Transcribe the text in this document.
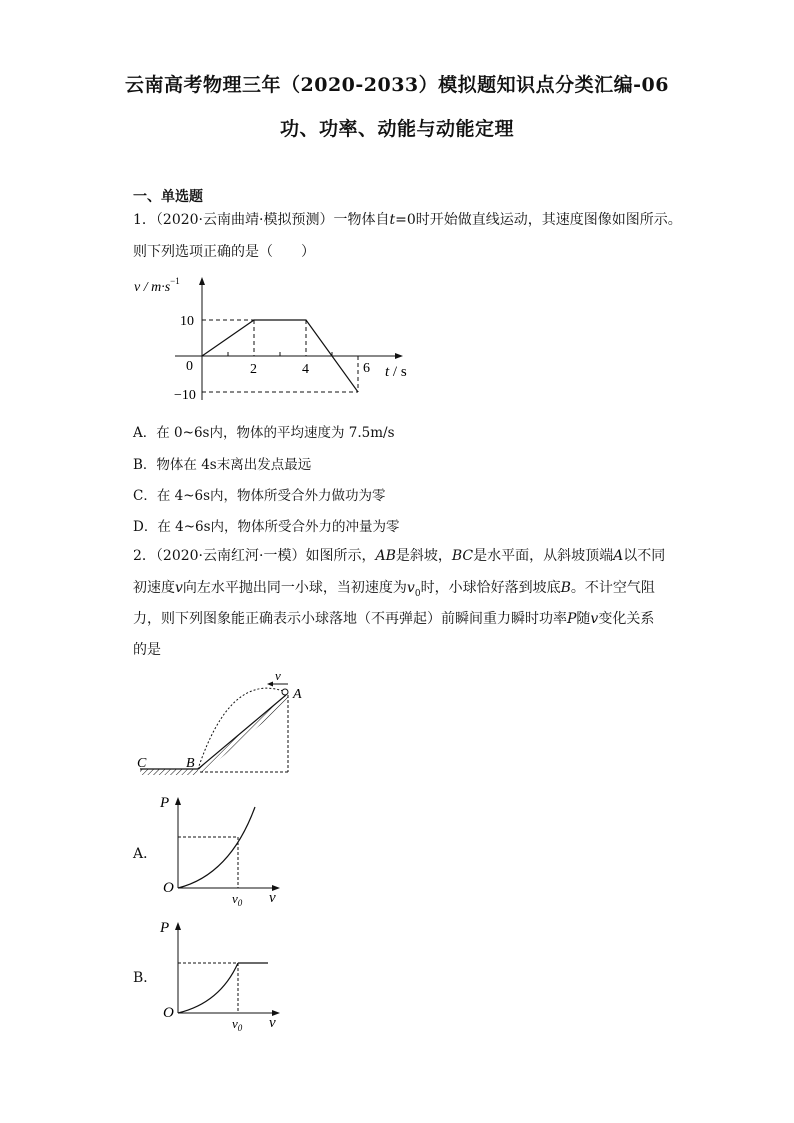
云南高考物理三年（2020-2033）模拟题知识点分类汇编-06
功、功率、动能与动能定理
一、单选题
1．（2020·云南曲靖·模拟预测）一物体自t=0时开始做直线运动，其速度图像如图所示。
则下列选项正确的是（　　）
$v / m\cdot s^{-1}$
10
0
−10
2	4	6 t / s
A．在 0~6s内，物体的平均速度为 7.5m/s
B．物体在 4s末离出发点最远
C．在 4~6s内，物体所受合外力做功为零
D．在 4~6s内，物体所受合外力的冲量为零
2．（2020·云南红河·一模）如图所示，AB是斜坡，BC是水平面，从斜坡顶端A以不同
初速度v向左水平抛出同一小球，当初速度为$v_0$时，小球恰好落到坡底B。不计空气阻
力，则下列图象能正确表示小球落地（不再弹起）前瞬间重力瞬时功率P随v变化关系
的是
v
A
B
C
A．
P
O
$v_0$ v
B．
P
O
$v_0$ v
